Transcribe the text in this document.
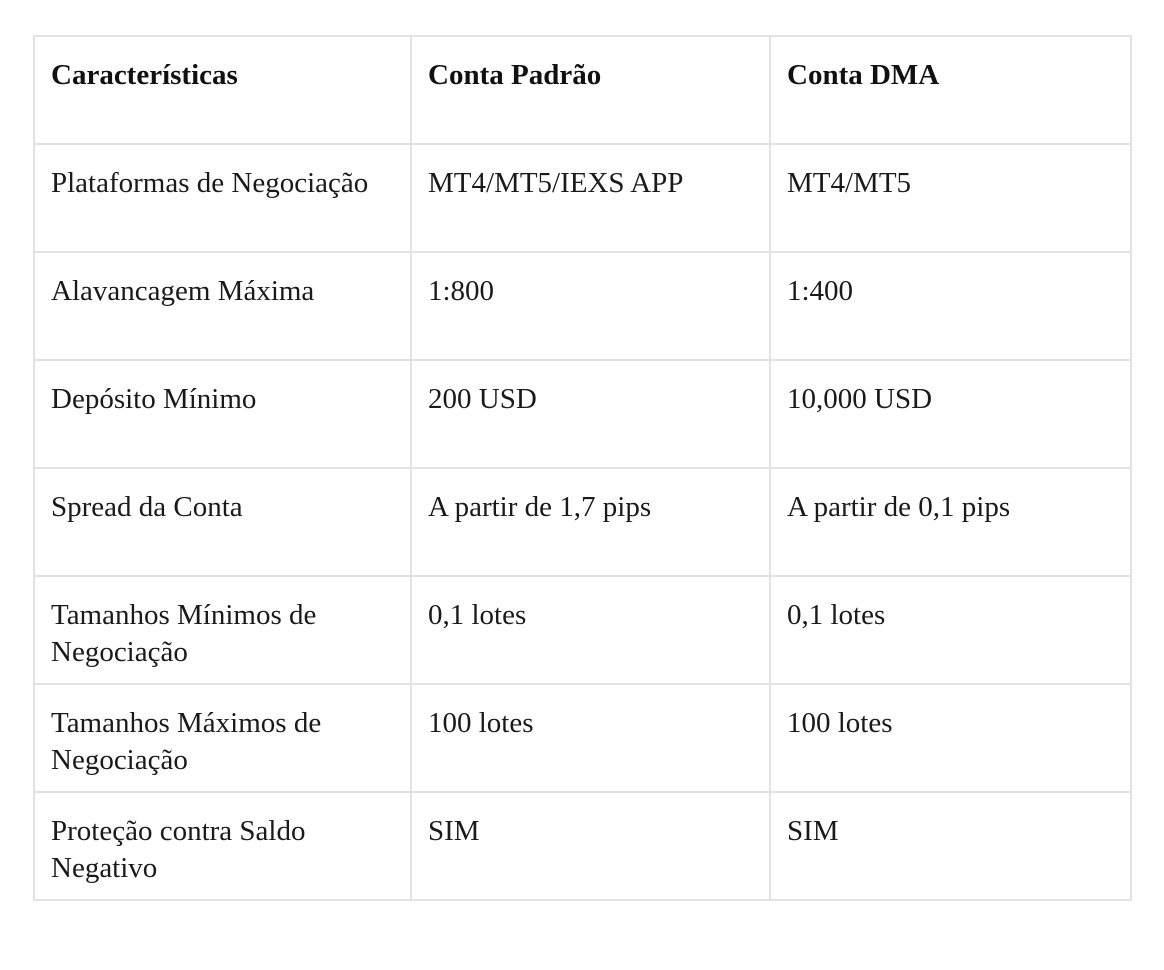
Características	Conta Padrão	Conta DMA
Plataformas de Negociação	MT4/MT5/IEXS APP	MT4/MT5
Alavancagem Máxima	1:800	1:400
Depósito Mínimo	200 USD	10,000 USD
Spread da Conta	A partir de 1,7 pips	A partir de 0,1 pips
Tamanhos Mínimos de Negociação	0,1 lotes	0,1 lotes
Tamanhos Máximos de Negociação	100 lotes	100 lotes
Proteção contra Saldo Negativo	SIM	SIM
